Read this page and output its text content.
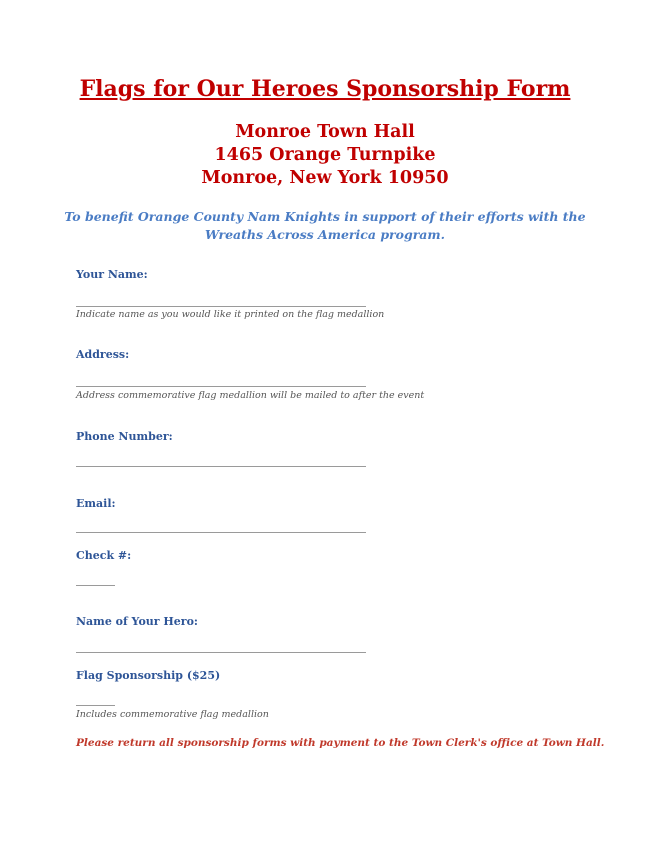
Flags for Our Heroes Sponsorship Form

Monroe Town Hall

1465 Orange Turnpike

Monroe, New York 10950

To benefit Orange County Nam Knights in support of their efforts with the Wreaths Across America program.

Your Name:

Indicate name as you would like it printed on the flag medallion

Address:

Address commemorative flag medallion will be mailed to after the event

Phone Number:

Email:

Check #:

Name of Your Hero:

Flag Sponsorship ($25)

Includes commemorative flag medallion

Please return all sponsorship forms with payment to the Town Clerk's office at Town Hall.
